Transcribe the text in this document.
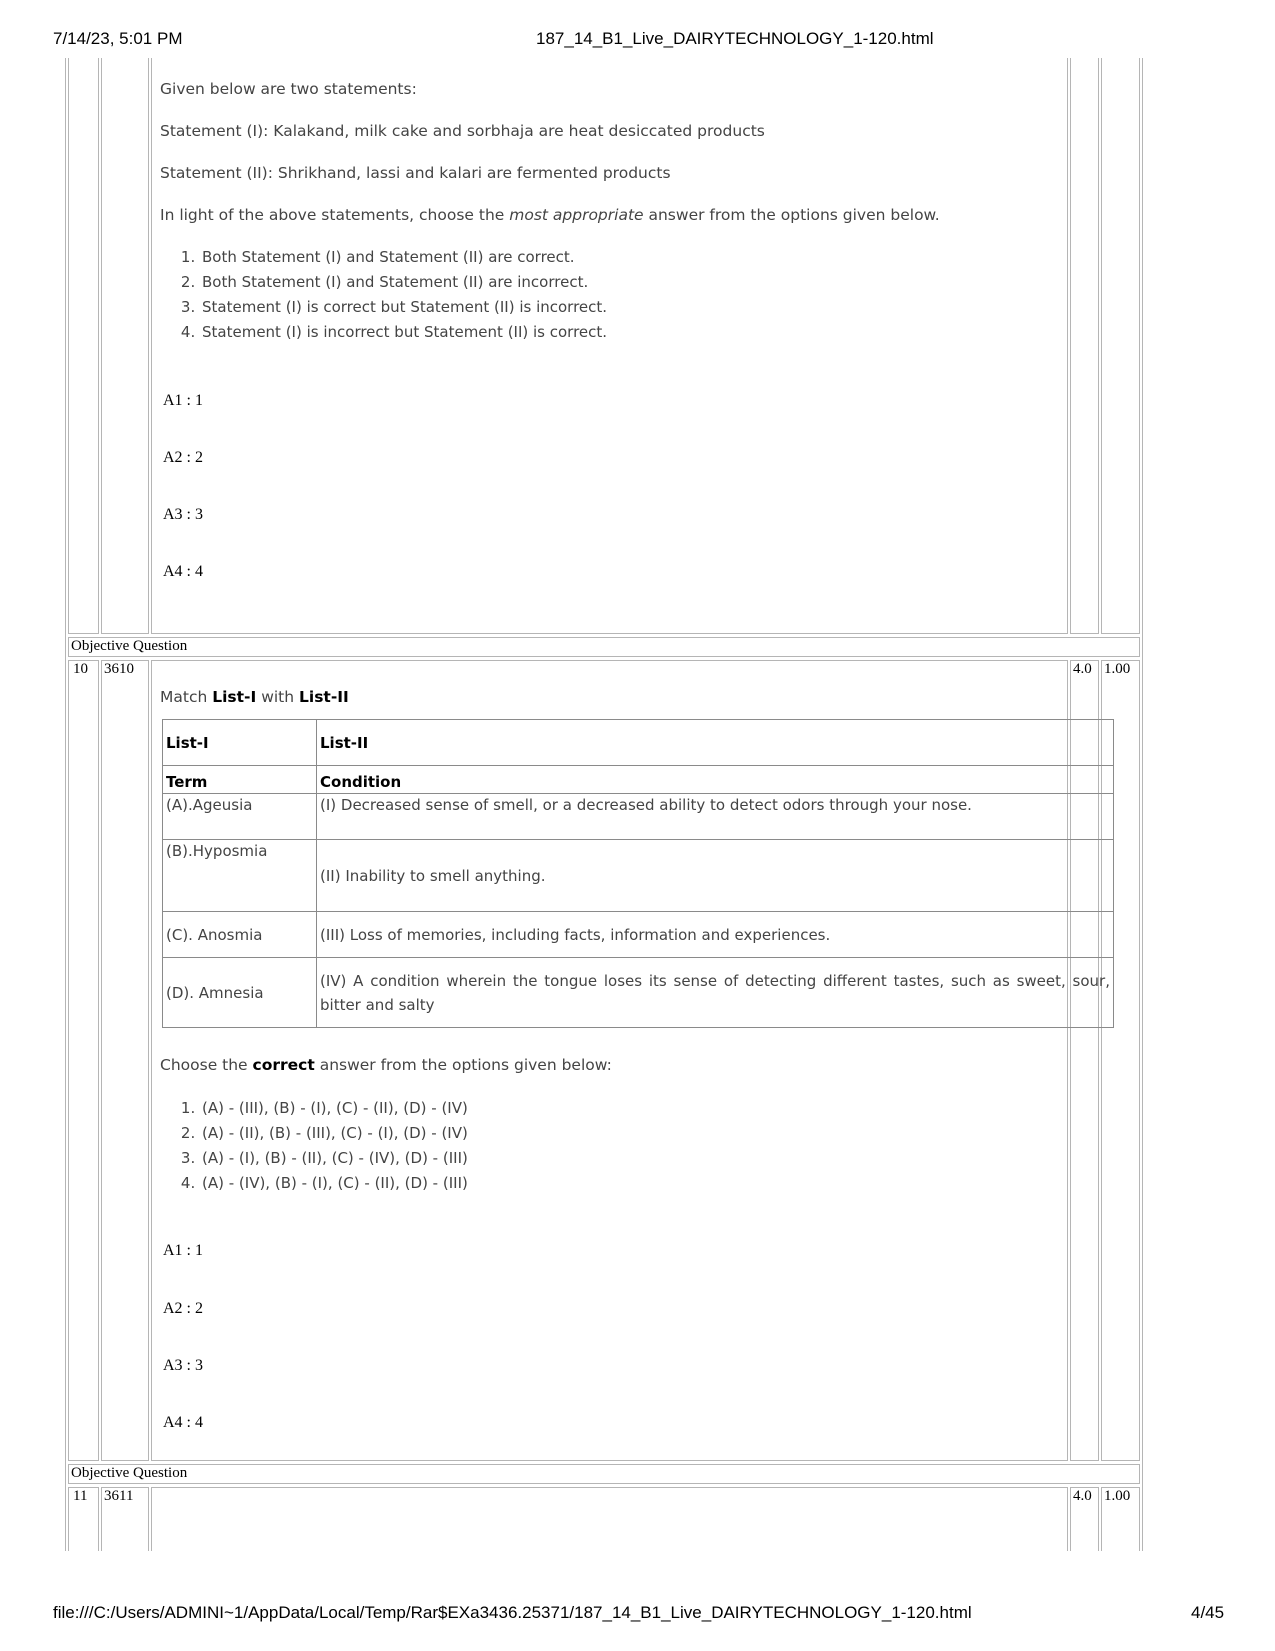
7/14/23, 5:01 PM	187_14_B1_Live_DAIRYTECHNOLOGY_1-120.html
Given below are two statements:
Statement (I): Kalakand, milk cake and sorbhaja are heat desiccated products
Statement (II): Shrikhand, lassi and kalari are fermented products
In light of the above statements, choose the most appropriate answer from the options given below.
1. Both Statement (I) and Statement (II) are correct.
2. Both Statement (I) and Statement (II) are incorrect.
3. Statement (I) is correct but Statement (II) is incorrect.
4. Statement (I) is incorrect but Statement (II) is correct.
A1 : 1
A2 : 2
A3 : 3
A4 : 4
Objective Question
10 3610	4.0 1.00
Match List-I with List-II
List-I	List-II
Term	Condition
(A).Ageusia	(I) Decreased sense of smell, or a decreased ability to detect odors through your nose.
(B).Hyposmia	(II) Inability to smell anything.
(C). Anosmia	(III) Loss of memories, including facts, information and experiences.
(D). Amnesia	(IV) A condition wherein the tongue loses its sense of detecting different tastes, such as sweet, sour, bitter and salty
Choose the correct answer from the options given below:
1. (A) - (III), (B) - (I), (C) - (II), (D) - (IV)
2. (A) - (II), (B) - (III), (C) - (I), (D) - (IV)
3. (A) - (I), (B) - (II), (C) - (IV), (D) - (III)
4. (A) - (IV), (B) - (I), (C) - (II), (D) - (III)
A1 : 1
A2 : 2
A3 : 3
A4 : 4
Objective Question
11 3611	4.0 1.00
file:///C:/Users/ADMINI~1/AppData/Local/Temp/Rar$EXa3436.25371/187_14_B1_Live_DAIRYTECHNOLOGY_1-120.html	4/45
